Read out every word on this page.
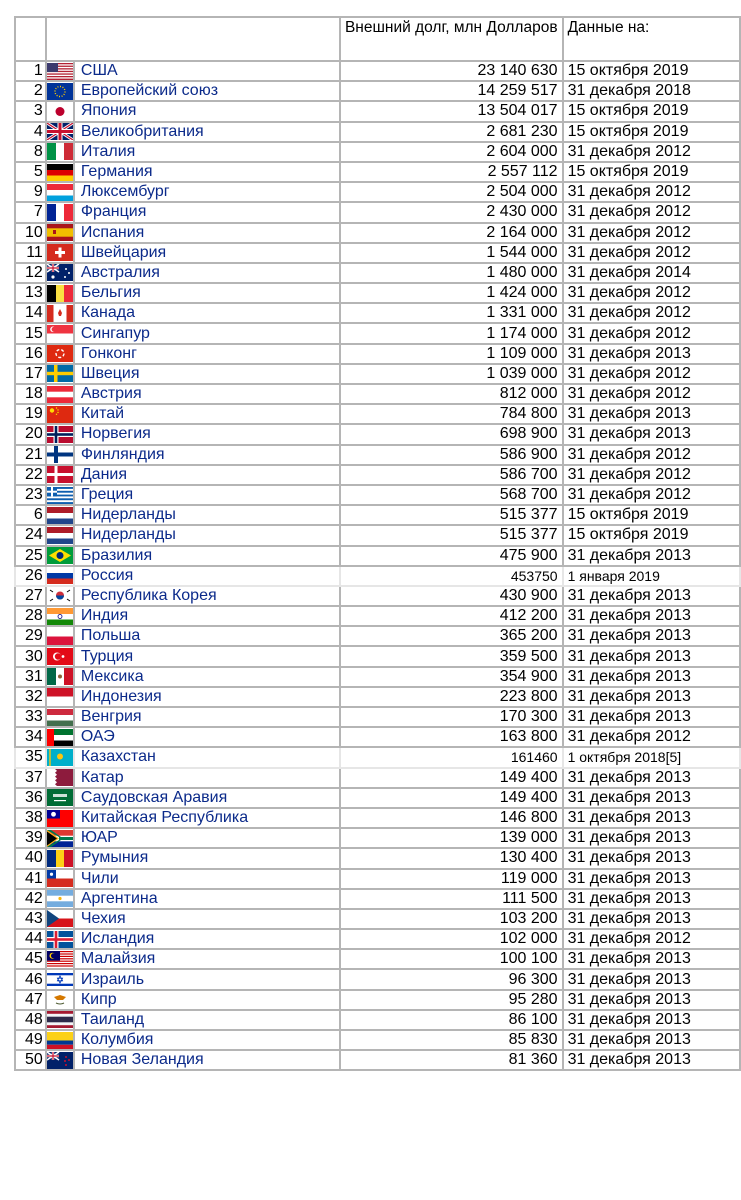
			Внешний долг, млн Долларов	Данные на:
1		США	23 140 630	15 октября 2019
2		Европейский союз	14 259 517	31 декабря 2018
3		Япония	13 504 017	15 октября 2019
4		Великобритания	2 681 230	15 октября 2019
8		Италия	2 604 000	31 декабря 2012
5		Германия	2 557 112	15 октября 2019
9		Люксембург	2 504 000	31 декабря 2012
7		Франция	2 430 000	31 декабря 2012
10		Испания	2 164 000	31 декабря 2012
11		Швейцария	1 544 000	31 декабря 2012
12		Австралия	1 480 000	31 декабря 2014
13		Бельгия	1 424 000	31 декабря 2012
14		Канада	1 331 000	31 декабря 2012
15		Сингапур	1 174 000	31 декабря 2012
16		Гонконг	1 109 000	31 декабря 2013
17		Швеция	1 039 000	31 декабря 2012
18		Австрия	812 000	31 декабря 2012
19		Китай	784 800	31 декабря 2013
20		Норвегия	698 900	31 декабря 2013
21		Финляндия	586 900	31 декабря 2012
22		Дания	586 700	31 декабря 2012
23		Греция	568 700	31 декабря 2012
6		Нидерланды	515 377	15 октября 2019
24		Нидерланды	515 377	15 октября 2019
25		Бразилия	475 900	31 декабря 2013
26		Россия	453750	1 января 2019
27		Республика Корея	430 900	31 декабря 2013
28		Индия	412 200	31 декабря 2013
29		Польша	365 200	31 декабря 2013
30		Турция	359 500	31 декабря 2013
31		Мексика	354 900	31 декабря 2013
32		Индонезия	223 800	31 декабря 2013
33		Венгрия	170 300	31 декабря 2013
34		ОАЭ	163 800	31 декабря 2012
35		Казахстан	161460	1 октября 2018[5]
37		Катар	149 400	31 декабря 2013
36		Саудовская Аравия	149 400	31 декабря 2013
38		Китайская Республика	146 800	31 декабря 2013
39		ЮАР	139 000	31 декабря 2013
40		Румыния	130 400	31 декабря 2013
41		Чили	119 000	31 декабря 2013
42		Аргентина	111 500	31 декабря 2013
43		Чехия	103 200	31 декабря 2013
44		Исландия	102 000	31 декабря 2012
45		Малайзия	100 100	31 декабря 2013
46		Израиль	96 300	31 декабря 2013
47		Кипр	95 280	31 декабря 2013
48		Таиланд	86 100	31 декабря 2013
49		Колумбия	85 830	31 декабря 2013
50		Новая Зеландия	81 360	31 декабря 2013
